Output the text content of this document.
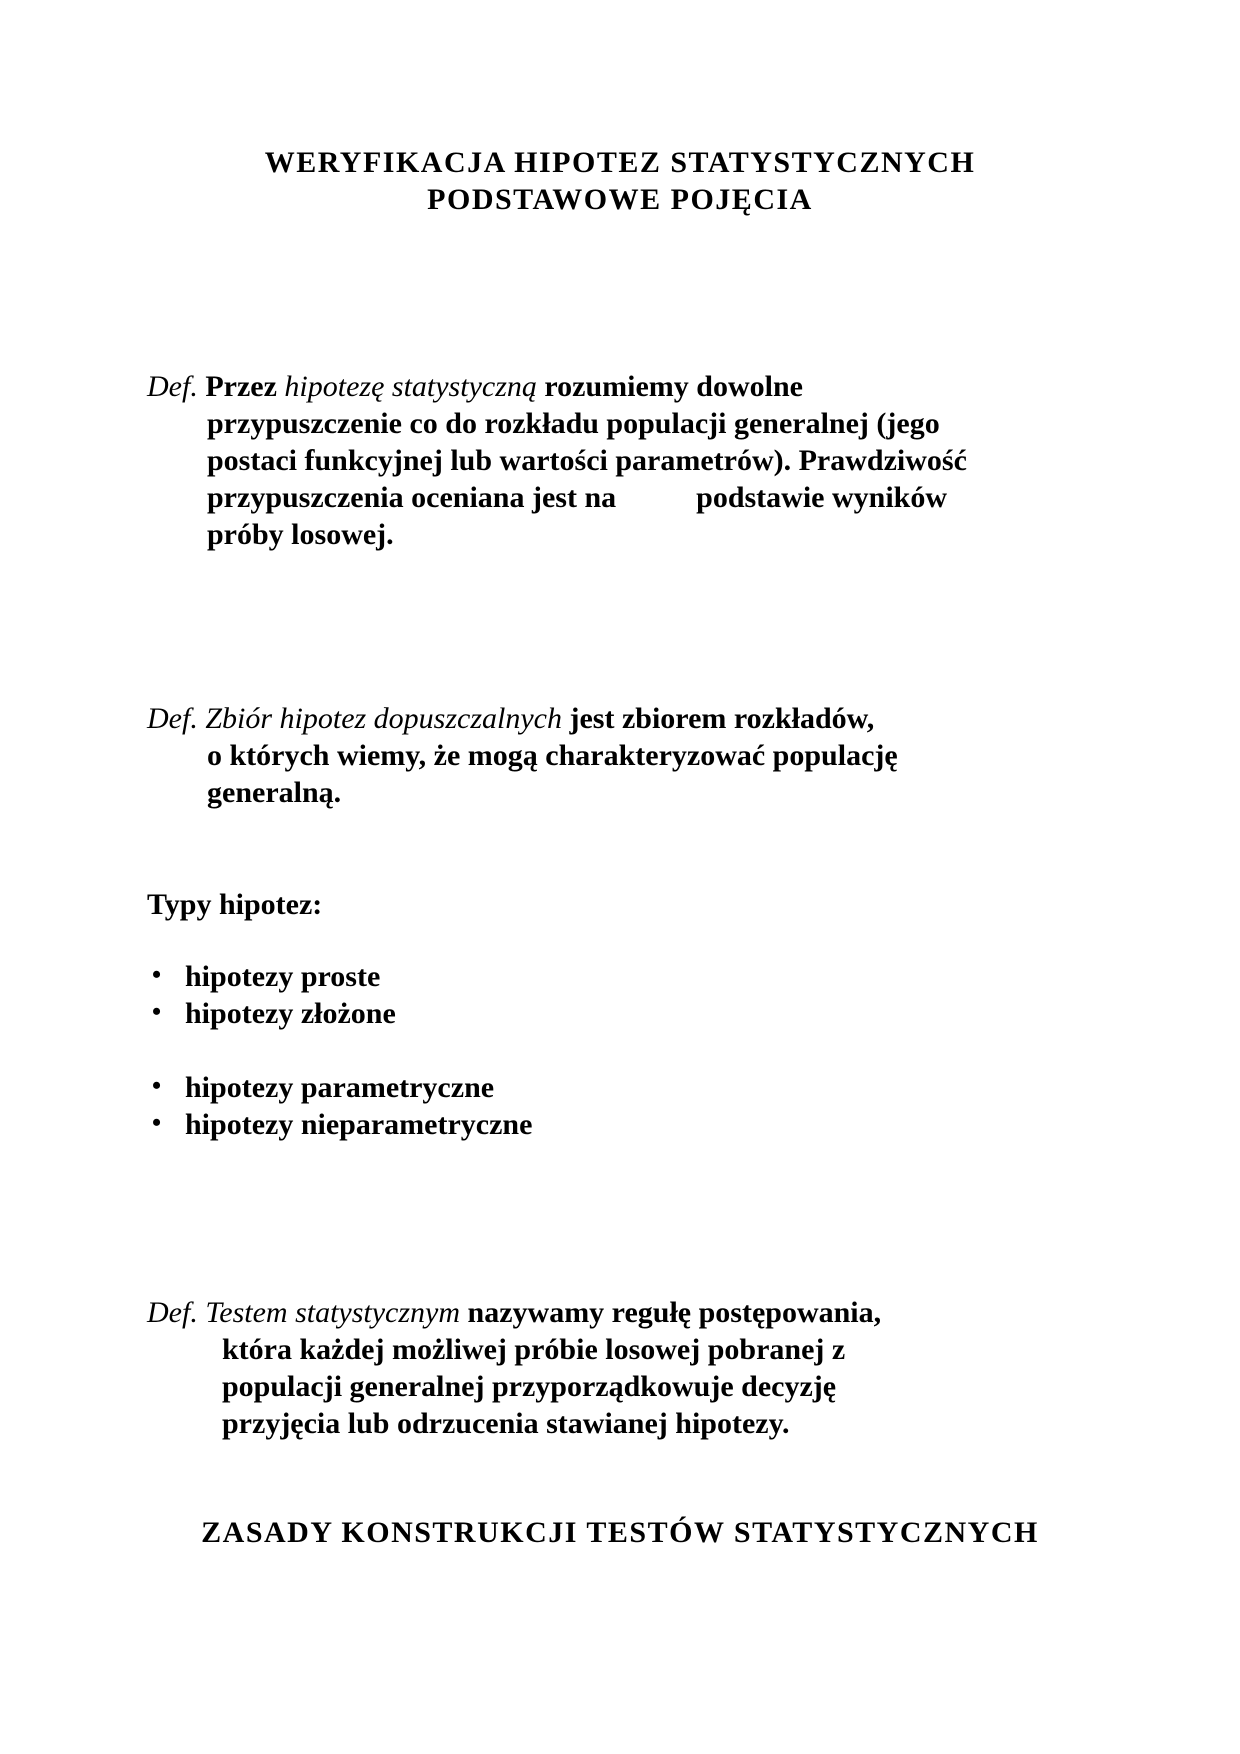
WERYFIKACJA HIPOTEZ STATYSTYCZNYCH
PODSTAWOWE POJĘCIA
Def. Przez hipotezę statystyczną rozumiemy dowolne
przypuszczenie co do rozkładu populacji generalnej (jego
postaci funkcyjnej lub wartości parametrów). Prawdziwość
przypuszczenia oceniana jest na	podstawie wyników
próby losowej.
Def. Zbiór hipotez dopuszczalnych jest zbiorem rozkładów,
o których wiemy, że mogą charakteryzować populację
generalną.
Typy hipotez:
• hipotezy proste
• hipotezy złożone
• hipotezy parametryczne
• hipotezy nieparametryczne
Def. Testem statystycznym nazywamy regułę postępowania,
która każdej możliwej próbie losowej pobranej z
populacji generalnej przyporządkowuje decyzję
przyjęcia lub odrzucenia stawianej hipotezy.
ZASADY KONSTRUKCJI TESTÓW STATYSTYCZNYCH
